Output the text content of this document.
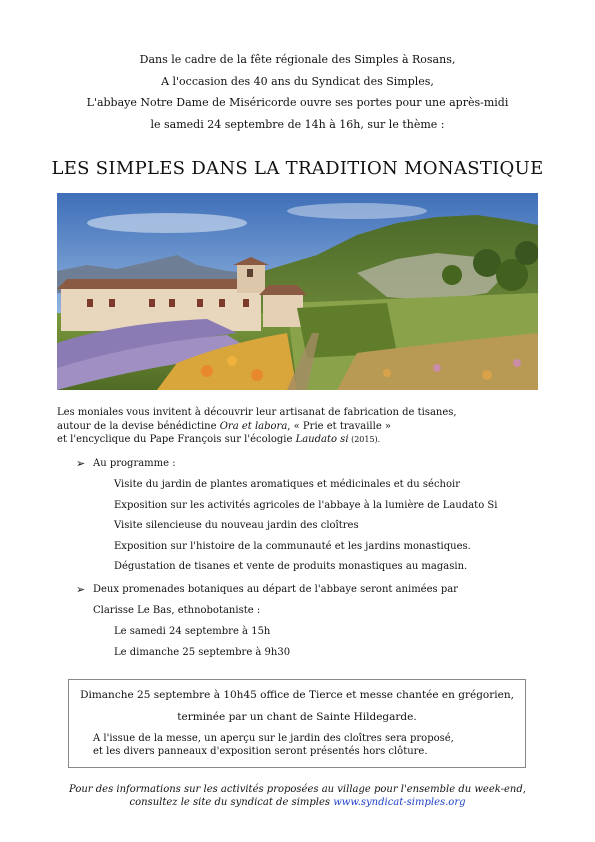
Dans le cadre de la fête régionale des Simples à Rosans,
A l'occasion des 40 ans du Syndicat des Simples,
L'abbaye Notre Dame de Miséricorde ouvre ses portes pour une après-midi
le samedi 24 septembre de 14h à 16h, sur le thème :
LES SIMPLES DANS LA TRADITION MONASTIQUE
Les moniales vous invitent à découvrir leur artisanat de fabrication de tisanes,
autour de la devise bénédictine Ora et labora, « Prie et travaille »
et l'encyclique du Pape François sur l'écologie Laudato si (2015).
➢ Au programme :
Visite du jardin de plantes aromatiques et médicinales et du séchoir
Exposition sur les activités agricoles de l'abbaye à la lumière de Laudato Si
Visite silencieuse du nouveau jardin des cloîtres
Exposition sur l'histoire de la communauté et les jardins monastiques.
Dégustation de tisanes et vente de produits monastiques au magasin.
➢ Deux promenades botaniques au départ de l'abbaye seront animées par
Clarisse Le Bas, ethnobotaniste :
Le samedi 24 septembre à 15h
Le dimanche 25 septembre à 9h30
Dimanche 25 septembre à 10h45 office de Tierce et messe chantée en grégorien,
terminée par un chant de Sainte Hildegarde.
A l'issue de la messe, un aperçu sur le jardin des cloîtres sera proposé,
et les divers panneaux d'exposition seront présentés hors clôture.
Pour des informations sur les activités proposées au village pour l'ensemble du week-end,
consultez le site du syndicat de simples www.syndicat-simples.org
